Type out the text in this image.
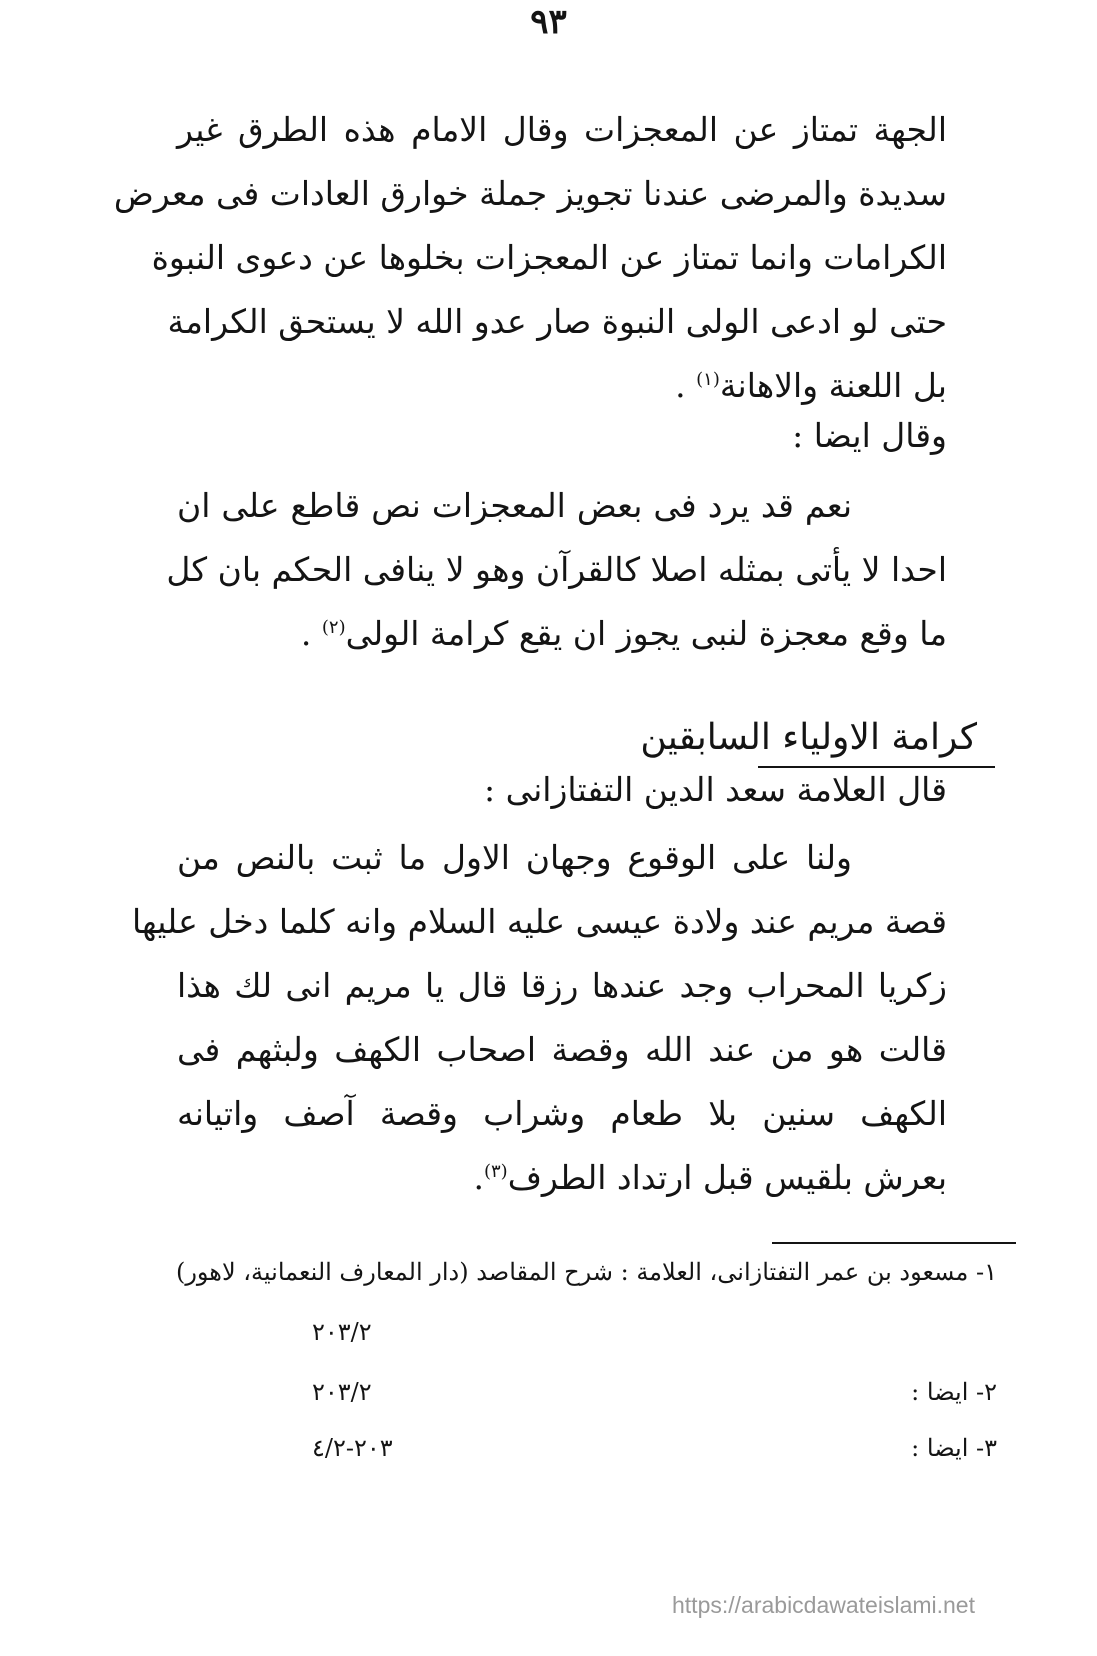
٩٣
الجهة تمتاز عن المعجزات وقال الامام هذه الطرق غير
سديدة والمرضى عندنا تجويز جملة خوارق العادات فى معرض
الكرامات وانما تمتاز عن المعجزات بخلوها عن دعوى النبوة
حتى لو ادعى الولى النبوة صار عدو الله لا يستحق الكرامة
بل اللعنة والاهانة$^{(١)}$ .
وقال ايضا :
نعم قد يرد فى بعض المعجزات نص قاطع على ان
احدا لا يأتى بمثله اصلا كالقرآن وهو لا ينافى الحكم بان كل
ما وقع معجزة لنبى يجوز ان يقع كرامة الولى$^{(٢)}$ .
كرامة الاولياء السابقين
قال العلامة سعد الدين التفتازانى :
ولنا على الوقوع وجهان الاول ما ثبت بالنص من
قصة مريم عند ولادة عيسى عليه السلام وانه كلما دخل عليها
زكريا المحراب وجد عندها رزقا قال يا مريم انى لك هذا
قالت هو من عند الله وقصة اصحاب الكهف ولبثهم فى
الكهف سنين بلا طعام وشراب وقصة آصف واتيانه
بعرش بلقيس قبل ارتداد الطرف$^{(٣)}$.
١- مسعود بن عمر التفتازانى، العلامة : شرح المقاصد (دار المعارف النعمانية، لاهور)
٢٠٣/٢
٢- ايضا :
٢٠٣/٢
٣- ايضا :
٢٠٣-٤/٢
https://arabicdawateislami.net
